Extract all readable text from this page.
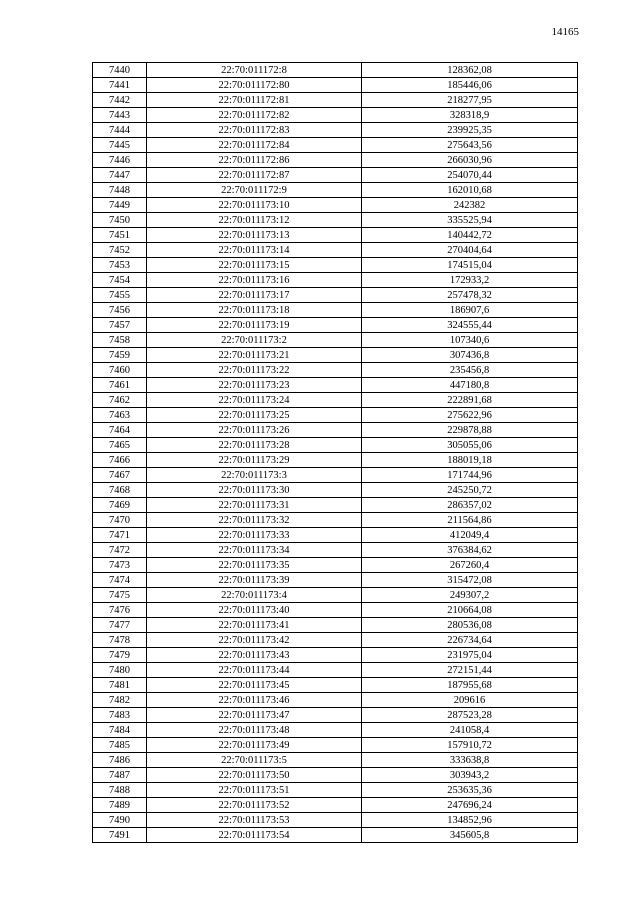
14165
7440	22:70:011172:8	128362,08
7441	22:70:011172:80	185446,06
7442	22:70:011172:81	218277,95
7443	22:70:011172:82	328318,9
7444	22:70:011172:83	239925,35
7445	22:70:011172:84	275643,56
7446	22:70:011172:86	266030,96
7447	22:70:011172:87	254070,44
7448	22:70:011172:9	162010,68
7449	22:70:011173:10	242382
7450	22:70:011173:12	335525,94
7451	22:70:011173:13	140442,72
7452	22:70:011173:14	270404,64
7453	22:70:011173:15	174515,04
7454	22:70:011173:16	172933,2
7455	22:70:011173:17	257478,32
7456	22:70:011173:18	186907,6
7457	22:70:011173:19	324555,44
7458	22:70:011173:2	107340,6
7459	22:70:011173:21	307436,8
7460	22:70:011173:22	235456,8
7461	22:70:011173:23	447180,8
7462	22:70:011173:24	222891,68
7463	22:70:011173:25	275622,96
7464	22:70:011173:26	229878,88
7465	22:70:011173:28	305055,06
7466	22:70:011173:29	188019,18
7467	22:70:011173:3	171744,96
7468	22:70:011173:30	245250,72
7469	22:70:011173:31	286357,02
7470	22:70:011173:32	211564,86
7471	22:70:011173:33	412049,4
7472	22:70:011173:34	376384,62
7473	22:70:011173:35	267260,4
7474	22:70:011173:39	315472,08
7475	22:70:011173:4	249307,2
7476	22:70:011173:40	210664,08
7477	22:70:011173:41	280536,08
7478	22:70:011173:42	226734,64
7479	22:70:011173:43	231975,04
7480	22:70:011173:44	272151,44
7481	22:70:011173:45	187955,68
7482	22:70:011173:46	209616
7483	22:70:011173:47	287523,28
7484	22:70:011173:48	241058,4
7485	22:70:011173:49	157910,72
7486	22:70:011173:5	333638,8
7487	22:70:011173:50	303943,2
7488	22:70:011173:51	253635,36
7489	22:70:011173:52	247696,24
7490	22:70:011173:53	134852,96
7491	22:70:011173:54	345605,8
